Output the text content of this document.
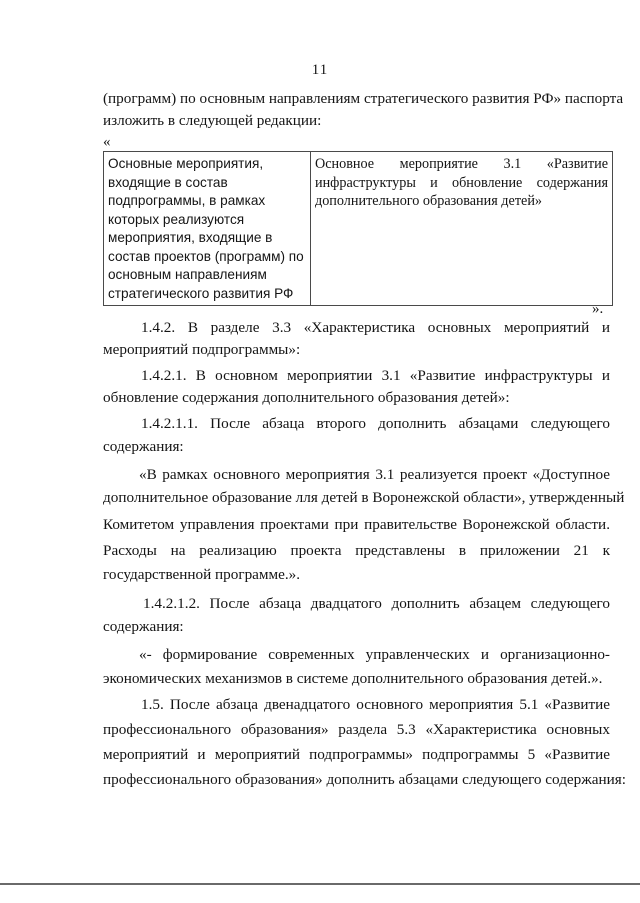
11
(программ) по основным направлениям стратегического развития РФ» паспорта
изложить в следующей редакции:
«
Основные мероприятия,
входящие в состав
подпрограммы, в рамках
которых реализуются
мероприятия, входящие в
состав проектов (программ) по
основным направлениям
стратегического развития РФ	Основное мероприятие 3.1 «Развитие инфраструктуры и обновление содержания дополнительного образования детей»
».
1.4.2. В разделе 3.3 «Характеристика основных мероприятий и
мероприятий подпрограммы»:
1.4.2.1. В основном мероприятии 3.1 «Развитие инфраструктуры и
обновление содержания дополнительного образования детей»:
1.4.2.1.1. После абзаца второго дополнить абзацами следующего
содержания:
«В рамках основного мероприятия 3.1 реализуется проект «Доступное
дополнительное образование лля детей в Воронежской области», утвержденный
Комитетом управления проектами при правительстве Воронежской области.
Расходы на реализацию проекта представлены в приложении 21 к
государственной программе.».
1.4.2.1.2. После абзаца двадцатого дополнить абзацем следующего
содержания:
«- формирование современных управленческих и организационно-
экономических механизмов в системе дополнительного образования детей.».
1.5. После абзаца двенадцатого основного мероприятия 5.1 «Развитие
профессионального образования» раздела 5.3 «Характеристика основных
мероприятий и мероприятий подпрограммы» подпрограммы 5 «Развитие
профессионального образования» дополнить абзацами следующего содержания:
